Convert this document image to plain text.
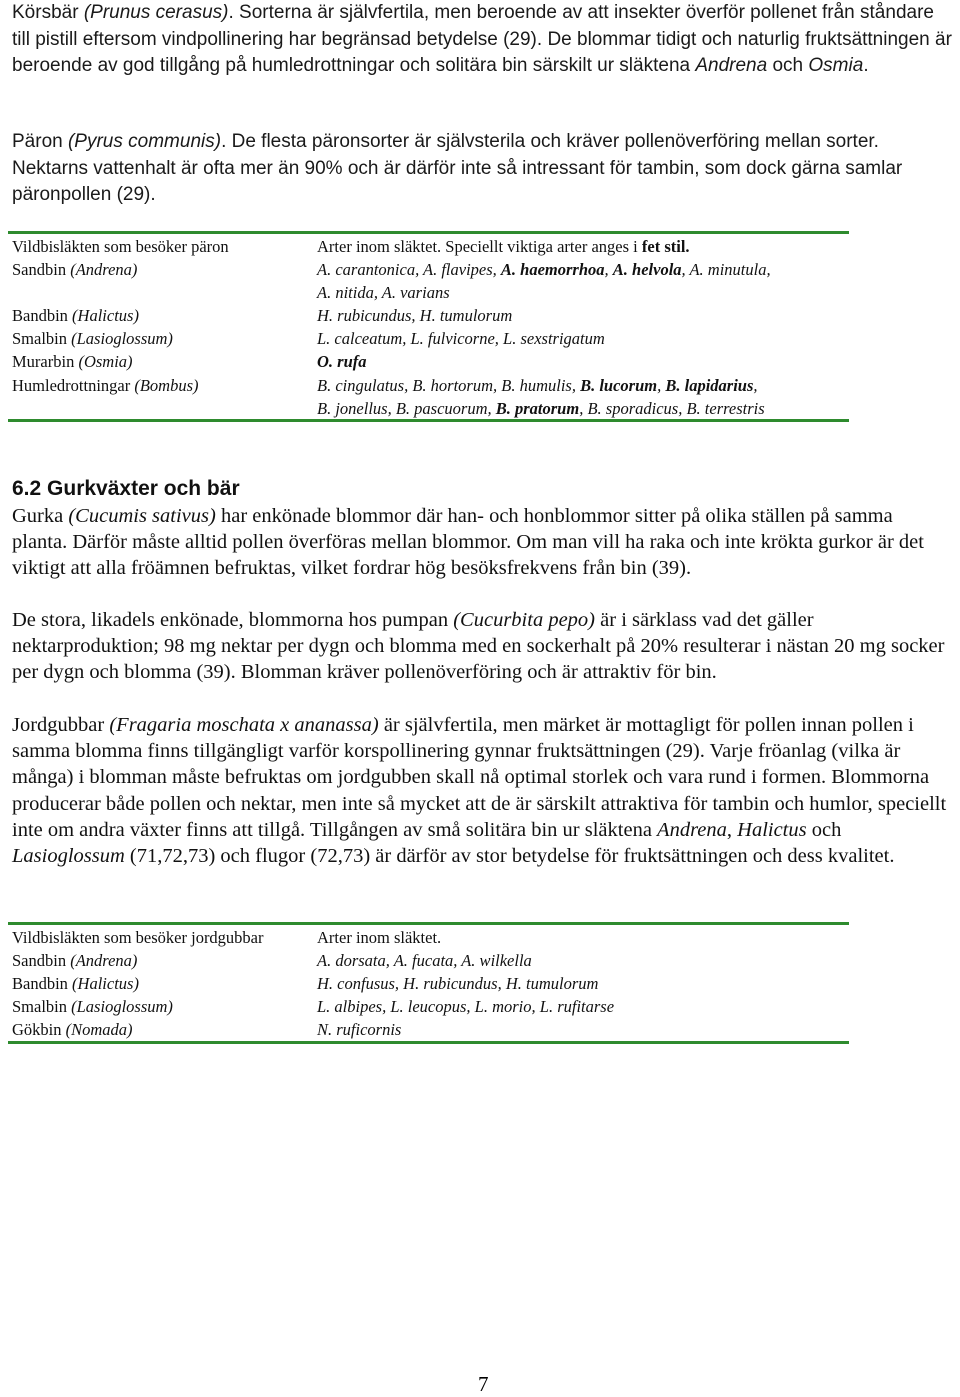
Körsbär (Prunus cerasus). Sorterna är självfertila, men beroende av att insekter överför pollenet från ståndare till pistill eftersom vindpollinering har begränsad betydelse (29). De blommar tidigt och naturlig fruktsättningen är beroende av god tillgång på humledrottningar och solitära bin särskilt ur släktena Andrena och Osmia.

Päron (Pyrus communis). De flesta päronsorter är självsterila och kräver pollenöverföring mellan sorter. Nektarns vattenhalt är ofta mer än 90% och är därför inte så intressant för tambin, som dock gärna samlar päronpollen (29).

Vildbisläkten som besöker päron	Arter inom släktet. Speciellt viktiga arter anges i fet stil.
Sandbin (Andrena)	A. carantonica, A. flavipes, A. haemorrhoa, A. helvola, A. minutula,
	A. nitida, A. varians
Bandbin (Halictus)	H. rubicundus, H. tumulorum
Smalbin (Lasioglossum)	L. calceatum, L. fulvicorne, L. sexstrigatum
Murarbin (Osmia)	O. rufa
Humledrottningar (Bombus)	B. cingulatus, B. hortorum, B. humulis, B. lucorum, B. lapidarius,
	B. jonellus, B. pascuorum, B. pratorum, B. sporadicus, B. terrestris
6.2 Gurkväxter och bär

Gurka (Cucumis sativus) har enkönade blommor där han- och honblommor sitter på olika ställen på samma planta. Därför måste alltid pollen överföras mellan blommor. Om man vill ha raka och inte krökta gurkor är det viktigt att alla fröämnen befruktas, vilket fordrar hög besöksfrekvens från bin (39).

De stora, likadels enkönade, blommorna hos pumpan (Cucurbita pepo) är i särklass vad det gäller nektarproduktion; 98 mg nektar per dygn och blomma med en sockerhalt på 20% resulterar i nästan 20 mg socker per dygn och blomma (39). Blomman kräver pollenöverföring och är attraktiv för bin.

Jordgubbar (Fragaria moschata x ananassa) är självfertila, men märket är mottagligt för pollen innan pollen i samma blomma finns tillgängligt varför korspollinering gynnar fruktsättningen (29). Varje fröanlag (vilka är många) i blomman måste befruktas om jordgubben skall nå optimal storlek och vara rund i formen. Blommorna producerar både pollen och nektar, men inte så mycket att de är särskilt attraktiva för tambin och humlor, speciellt inte om andra växter finns att tillgå. Tillgången av små solitära bin ur släktena Andrena, Halictus och Lasioglossum (71,72,73) och flugor (72,73) är därför av stor betydelse för fruktsättningen och dess kvalitet.

Vildbisläkten som besöker jordgubbar	Arter inom släktet.
Sandbin (Andrena)	A. dorsata, A. fucata, A. wilkella
Bandbin (Halictus)	H. confusus, H. rubicundus, H. tumulorum
Smalbin (Lasioglossum)	L. albipes, L. leucopus, L. morio, L. rufitarse
Gökbin (Nomada)	N. ruficornis
7
